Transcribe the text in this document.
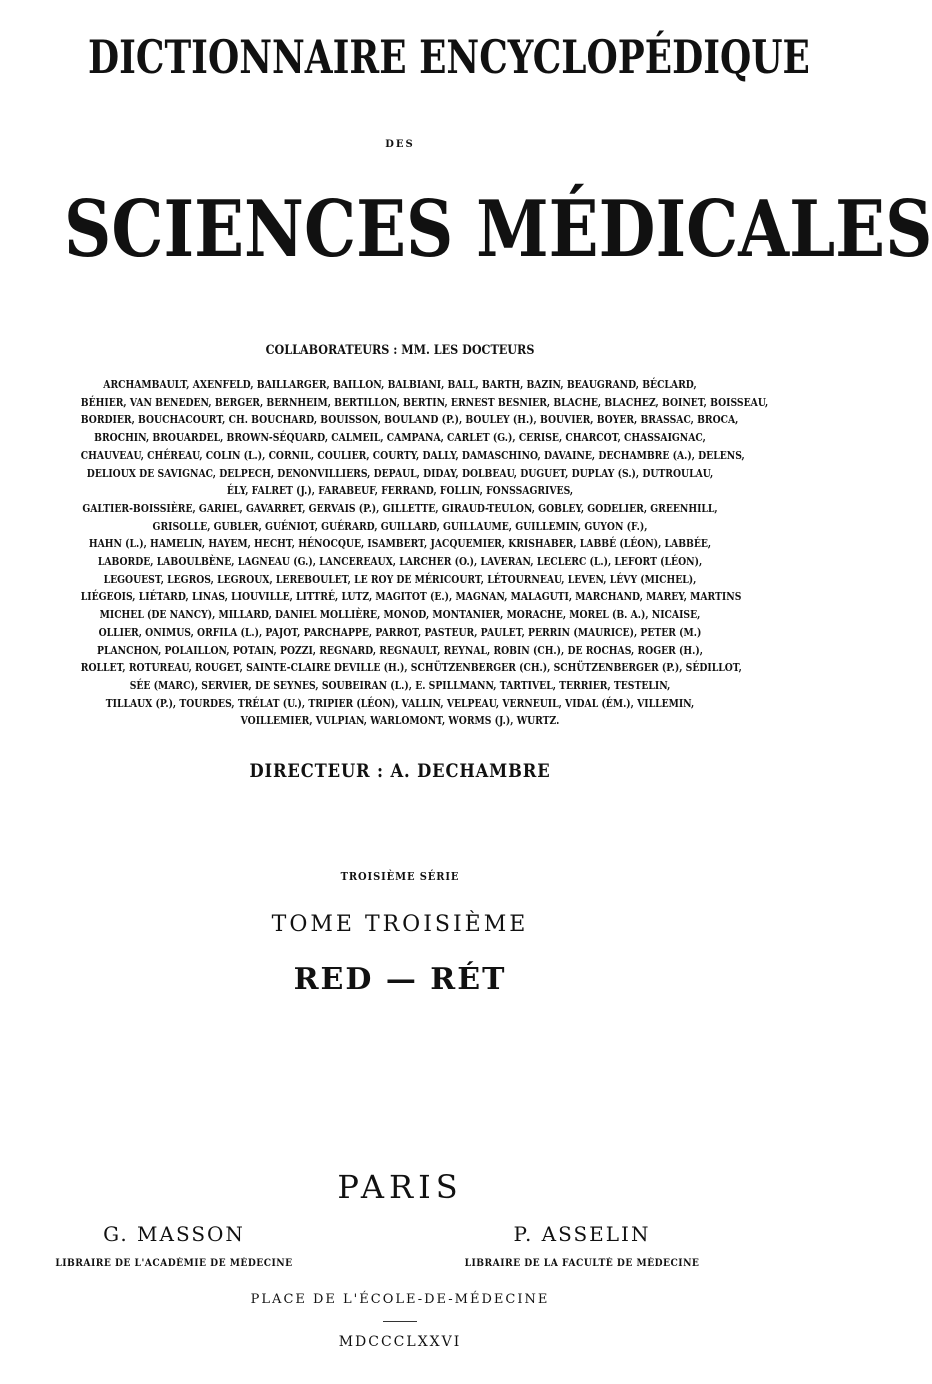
DICTIONNAIRE ENCYCLOPÉDIQUE
DES
SCIENCES MÉDICALES
COLLABORATEURS : MM. LES DOCTEURS
ARCHAMBAULT, AXENFELD, BAILLARGER, BAILLON, BALBIANI, BALL, BARTH, BAZIN, BEAUGRAND, BÉCLARD,
BÉHIER, VAN BENEDEN, BERGER, BERNHEIM, BERTILLON, BERTIN, ERNEST BESNIER, BLACHE, BLACHEZ, BOINET, BOISSEAU,
BORDIER, BOUCHACOURT, CH. BOUCHARD, BOUISSON, BOULAND (P.), BOULEY (H.), BOUVIER, BOYER, BRASSAC, BROCA,
BROCHIN, BROUARDEL, BROWN-SÉQUARD, CALMEIL, CAMPANA, CARLET (G.), CERISE, CHARCOT, CHASSAIGNAC,
CHAUVEAU, CHÉREAU, COLIN (L.), CORNIL, COULIER, COURTY, DALLY, DAMASCHINO, DAVAINE, DECHAMBRE (A.), DELENS,
DELIOUX DE SAVIGNAC, DELPECH, DENONVILLIERS, DEPAUL, DIDAY, DOLBEAU, DUGUET, DUPLAY (S.), DUTROULAU,
ÉLY, FALRET (J.), FARABEUF, FERRAND, FOLLIN, FONSSAGRIVES,
GALTIER-BOISSIÈRE, GARIEL, GAVARRET, GERVAIS (P.), GILLETTE, GIRAUD-TEULON, GOBLEY, GODELIER, GREENHILL,
GRISOLLE, GUBLER, GUÉNIOT, GUÉRARD, GUILLARD, GUILLAUME, GUILLEMIN, GUYON (F.),
HAHN (L.), HAMELIN, HAYEM, HECHT, HÉNOCQUE, ISAMBERT, JACQUEMIER, KRISHABER, LABBÉ (LÉON), LABBÉE,
LABORDE, LABOULBÈNE, LAGNEAU (G.), LANCEREAUX, LARCHER (O.), LAVERAN, LECLERC (L.), LEFORT (LÉON),
LEGOUEST, LEGROS, LEGROUX, LEREBOULET, LE ROY DE MÉRICOURT, LÉTOURNEAU, LEVEN, LÉVY (MICHEL),
LIÉGEOIS, LIÉTARD, LINAS, LIOUVILLE, LITTRÉ, LUTZ, MAGITOT (E.), MAGNAN, MALAGUTI, MARCHAND, MAREY, MARTINS
MICHEL (DE NANCY), MILLARD, DANIEL MOLLIÈRE, MONOD, MONTANIER, MORACHE, MOREL (B. A.), NICAISE,
OLLIER, ONIMUS, ORFILA (L.), PAJOT, PARCHAPPE, PARROT, PASTEUR, PAULET, PERRIN (MAURICE), PETER (M.)
PLANCHON, POLAILLON, POTAIN, POZZI, REGNARD, REGNAULT, REYNAL, ROBIN (CH.), DE ROCHAS, ROGER (H.),
ROLLET, ROTUREAU, ROUGET, SAINTE-CLAIRE DEVILLE (H.), SCHÜTZENBERGER (CH.), SCHÜTZENBERGER (P.), SÉDILLOT,
SÉE (MARC), SERVIER, DE SEYNES, SOUBEIRAN (L.), E. SPILLMANN, TARTIVEL, TERRIER, TESTELIN,
TILLAUX (P.), TOURDES, TRÉLAT (U.), TRIPIER (LÉON), VALLIN, VELPEAU, VERNEUIL, VIDAL (ÉM.), VILLEMIN,
VOILLEMIER, VULPIAN, WARLOMONT, WORMS (J.), WURTZ.
DIRECTEUR : A. DECHAMBRE
TROISIÈME SÉRIE
TOME TROISIÈME
RED — RÉT
PARIS
G. MASSON
LIBRAIRE DE L'ACADÉMIE DE MÉDECINE
P. ASSELIN
LIBRAIRE DE LA FACULTÉ DE MÉDECINE
PLACE DE L'ÉCOLE-DE-MÉDECINE
MDCCCLXXVI
